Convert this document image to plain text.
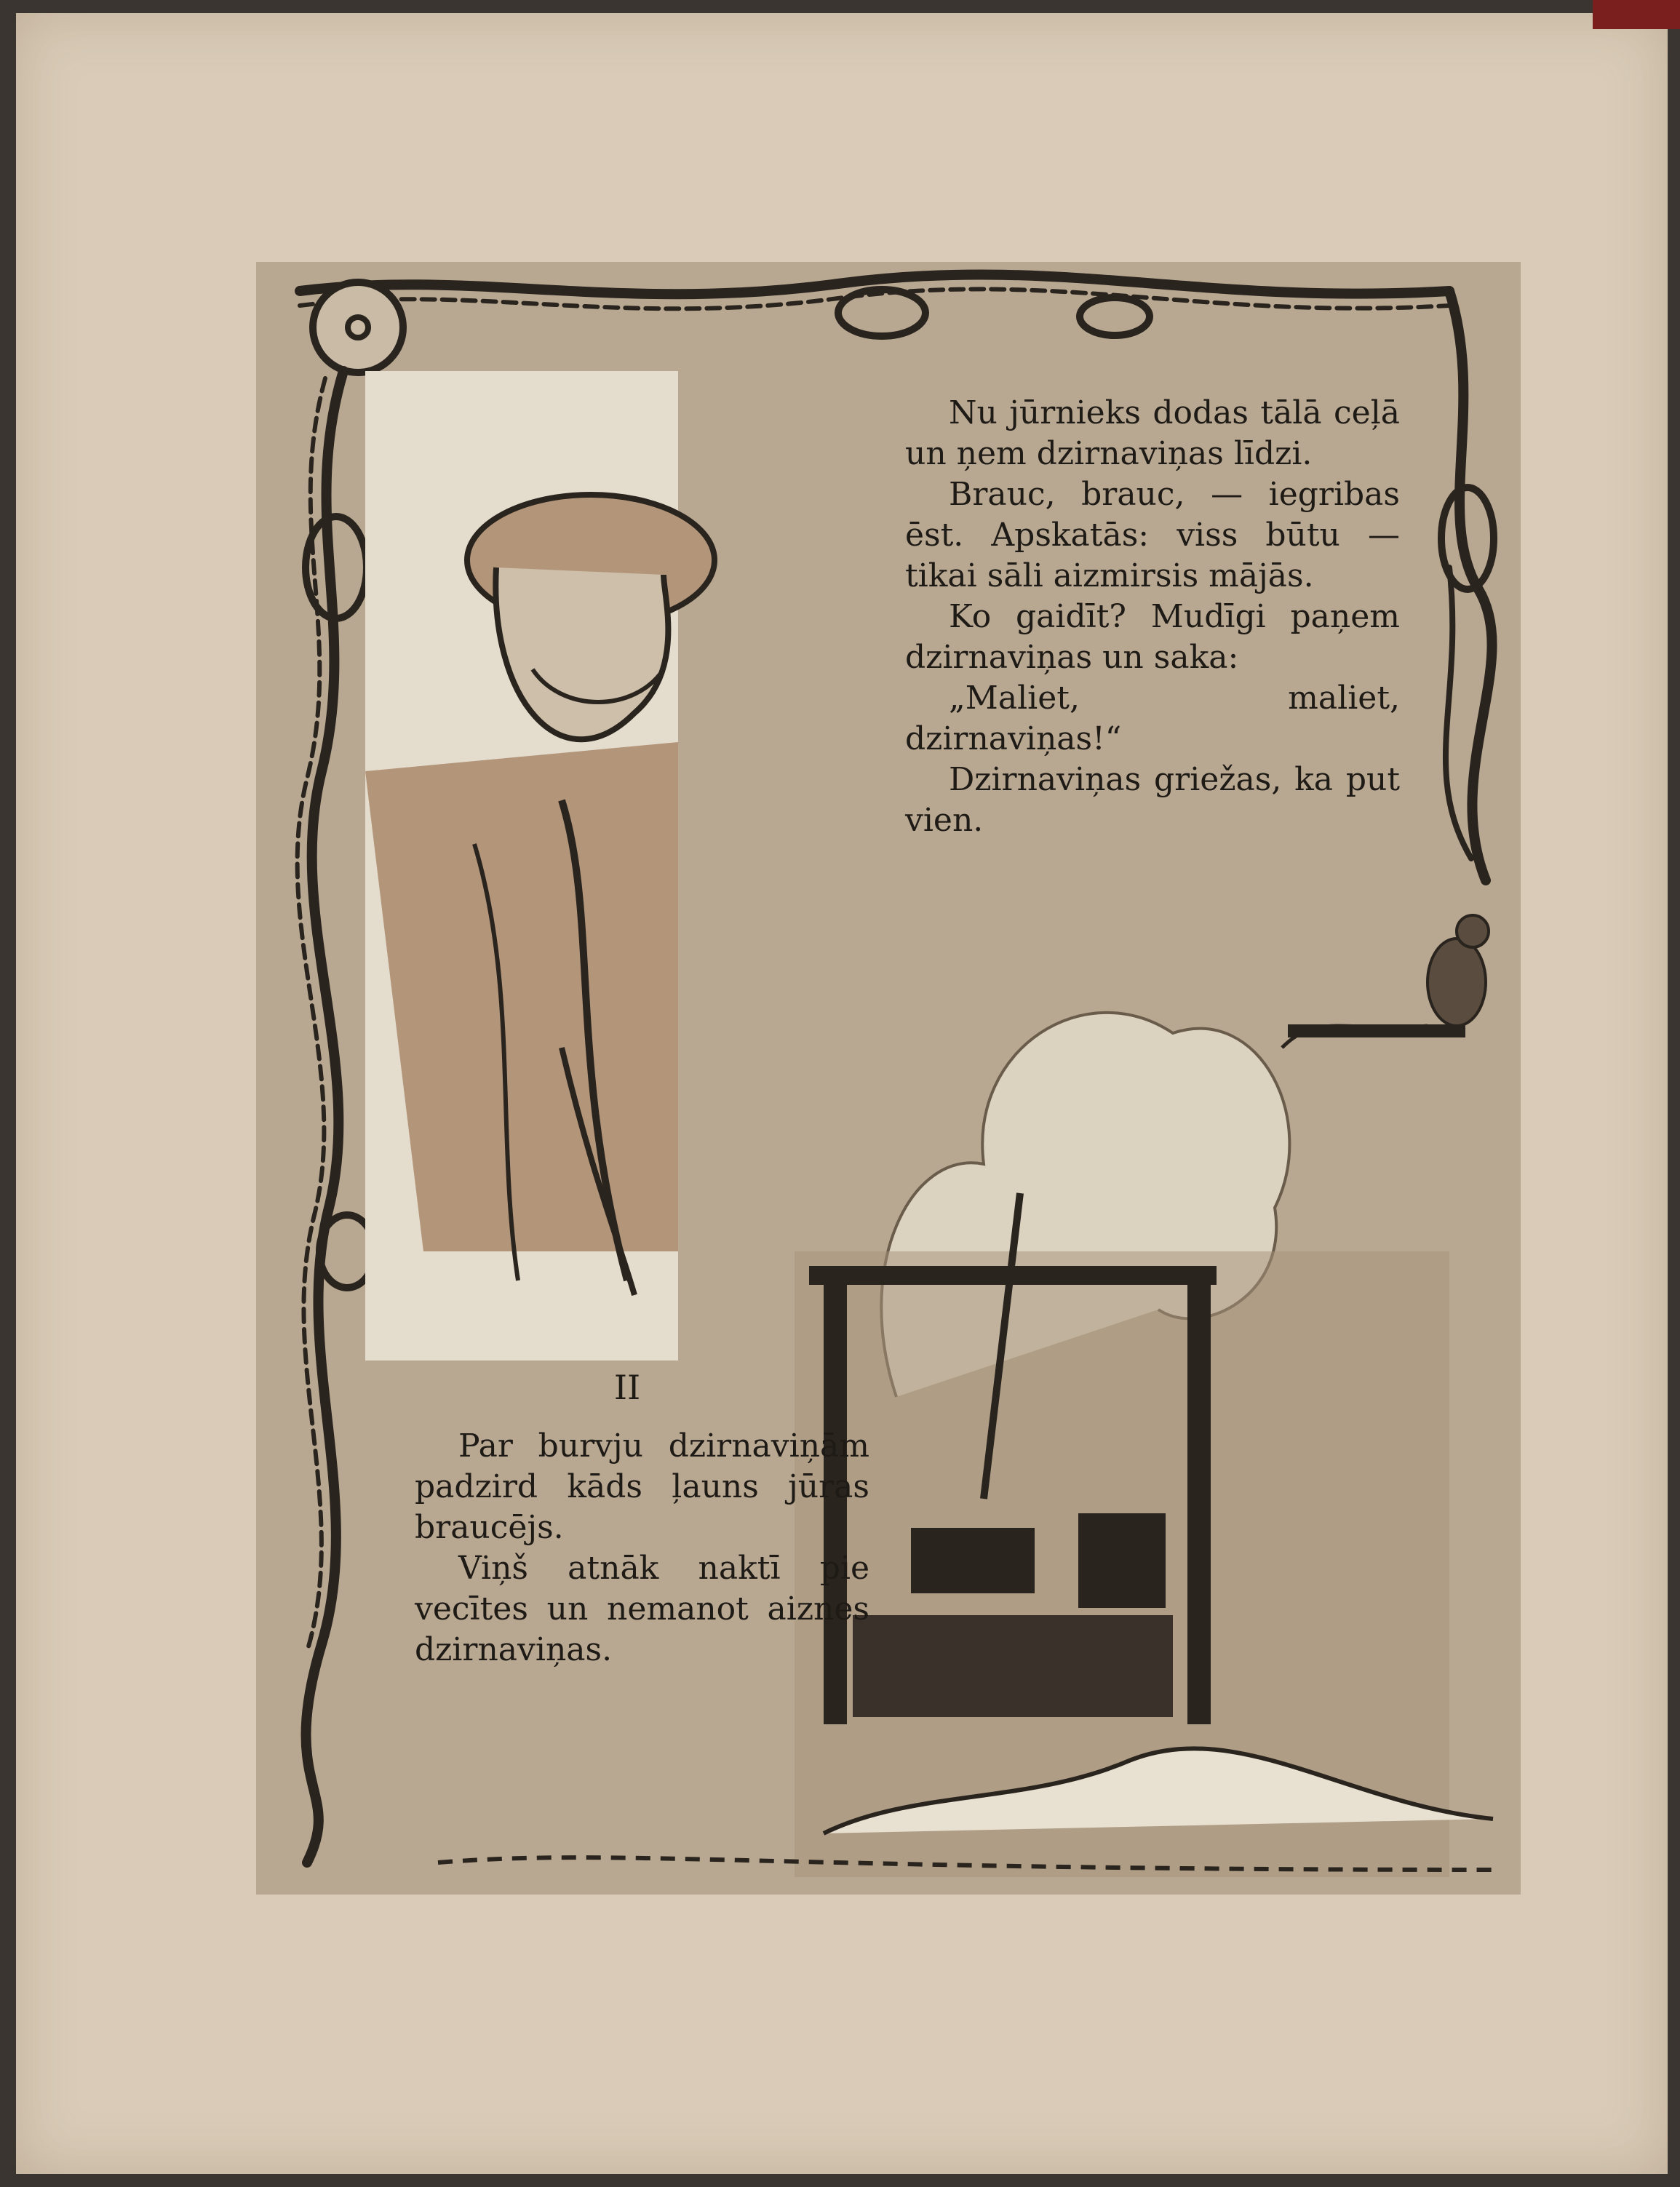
Nu jūrnieks dodas tālā ceļā un ņem dzirnaviņas līdzi.

Brauc, brauc, — iegribas ēst. Apskatās: viss būtu — tikai sāli aizmirsis mājās.

Ko gaidīt? Mudīgi paņem dzirnaviņas un saka:

„Maliet, maliet, dzirnaviņas!“

Dzirnaviņas griežas, ka put vien.

II

Par burvju dzirnaviņām padzird kāds ļauns jūras braucējs.

Viņš atnāk naktī pie vecītes un nemanot aiznes dzirnaviņas.
